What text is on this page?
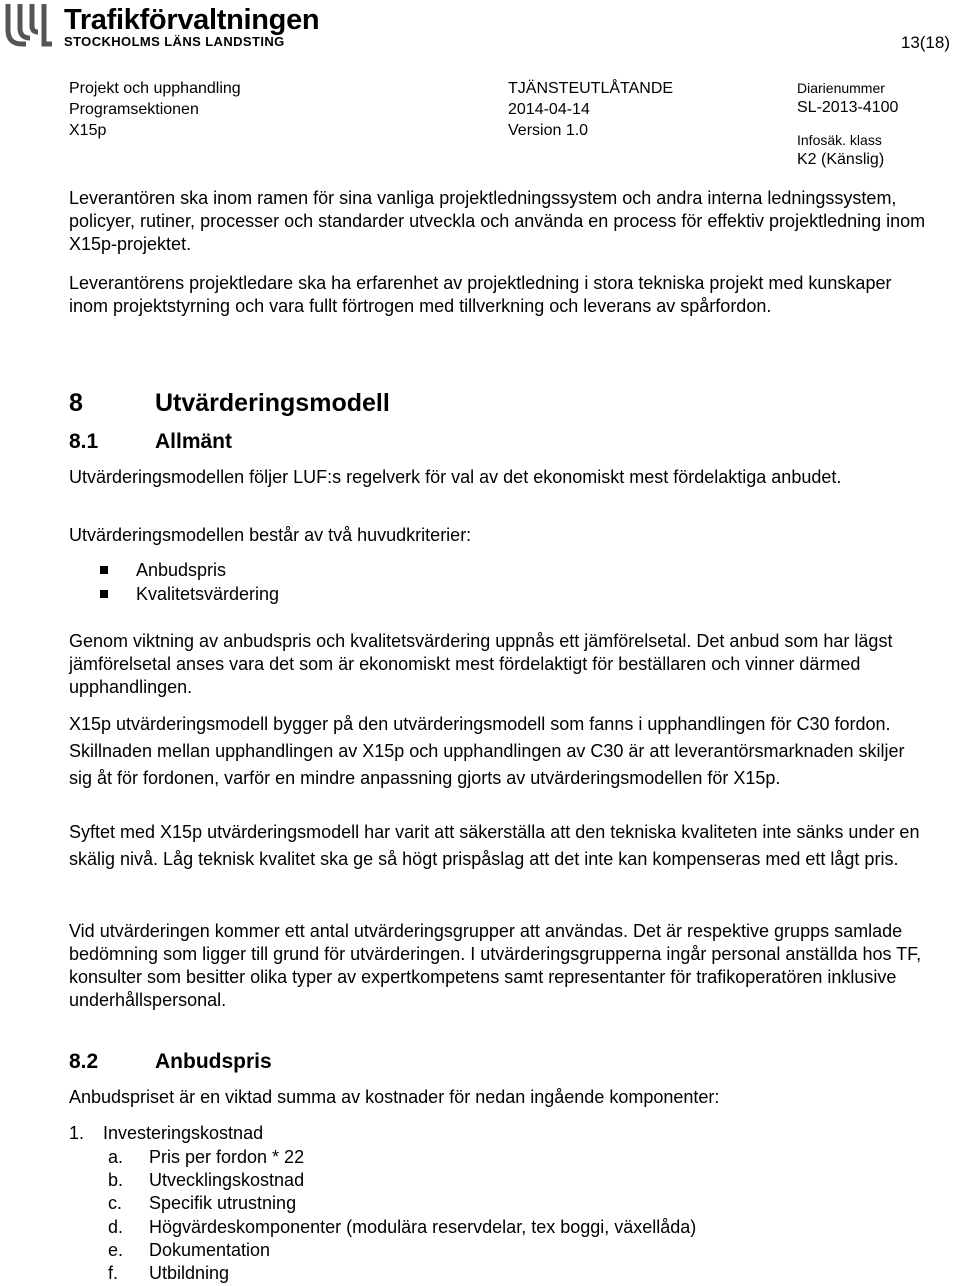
Trafikförvaltningen
STOCKHOLMS LÄNS LANDSTING	13(18)
Projekt och upphandling
Programsektionen
X15p
TJÄNSTEUTLÅTANDE
2014-04-14
Version 1.0
Diarienummer
SL-2013-4100
Infosäk. klass
K2 (Känslig)
Leverantören ska inom ramen för sina vanliga projektledningssystem och andra interna ledningssystem, policyer, rutiner, processer och standarder utveckla och använda en process för effektiv projektledning inom X15p-projektet.
Leverantörens projektledare ska ha erfarenhet av projektledning i stora tekniska projekt med kunskaper inom projektstyrning och vara fullt förtrogen med tillverkning och leverans av spårfordon.
8	Utvärderingsmodell
8.1	Allmänt
Utvärderingsmodellen följer LUF:s regelverk för val av det ekonomiskt mest fördelaktiga anbudet.
Utvärderingsmodellen består av två huvudkriterier:
Anbudspris
Kvalitetsvärdering
Genom viktning av anbudspris och kvalitetsvärdering uppnås ett jämförelsetal. Det anbud som har lägst jämförelsetal anses vara det som är ekonomiskt mest fördelaktigt för beställaren och vinner därmed upphandlingen.
X15p utvärderingsmodell bygger på den utvärderingsmodell som fanns i upphandlingen för C30 fordon. Skillnaden mellan upphandlingen av X15p och upphandlingen av C30 är att leverantörsmarknaden skiljer sig åt för fordonen, varför en mindre anpassning gjorts av utvärderingsmodellen för X15p.
Syftet med X15p utvärderingsmodell har varit att säkerställa att den tekniska kvaliteten inte sänks under en skälig nivå. Låg teknisk kvalitet ska ge så högt prispåslag att det inte kan kompenseras med ett lågt pris.
Vid utvärderingen kommer ett antal utvärderingsgrupper att användas. Det är respektive grupps samlade bedömning som ligger till grund för utvärderingen. I utvärderingsgrupperna ingår personal anställda hos TF, konsulter som besitter olika typer av expertkompetens samt representanter för trafikoperatören inklusive underhållspersonal.
8.2	Anbudspris
Anbudspriset är en viktad summa av kostnader för nedan ingående komponenter:
1. Investeringskostnad
a. Pris per fordon * 22
b. Utvecklingskostnad
c. Specifik utrustning
d. Högvärdeskomponenter (modulära reservdelar, tex boggi, växellåda)
e. Dokumentation
f. Utbildning
